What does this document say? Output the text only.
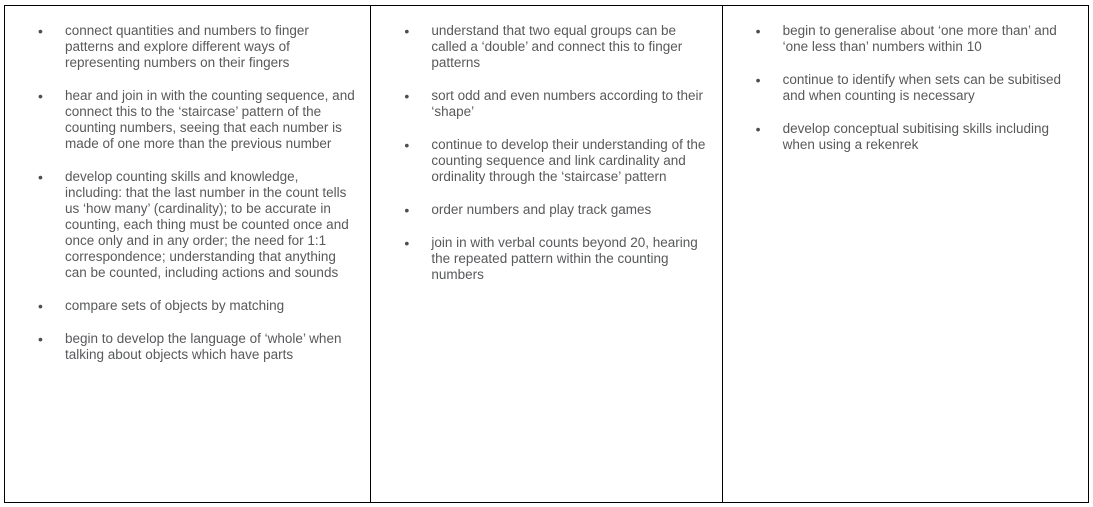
• connect quantities and numbers to finger patterns and explore different ways of representing numbers on their fingers
• hear and join in with the counting sequence, and connect this to the ‘staircase’ pattern of the counting numbers, seeing that each number is made of one more than the previous number
• develop counting skills and knowledge, including: that the last number in the count tells us ‘how many’ (cardinality); to be accurate in counting, each thing must be counted once and once only and in any order; the need for 1:1 correspondence; understanding that anything can be counted, including actions and sounds
• compare sets of objects by matching
• begin to develop the language of ‘whole’ when talking about objects which have parts

• understand that two equal groups can be called a ‘double’ and connect this to finger patterns
• sort odd and even numbers according to their ‘shape’
• continue to develop their understanding of the counting sequence and link cardinality and ordinality through the ‘staircase’ pattern
• order numbers and play track games
• join in with verbal counts beyond 20, hearing the repeated pattern within the counting numbers

• begin to generalise about ‘one more than’ and ‘one less than’ numbers within 10
• continue to identify when sets can be subitised and when counting is necessary
• develop conceptual subitising skills including when using a rekenrek
